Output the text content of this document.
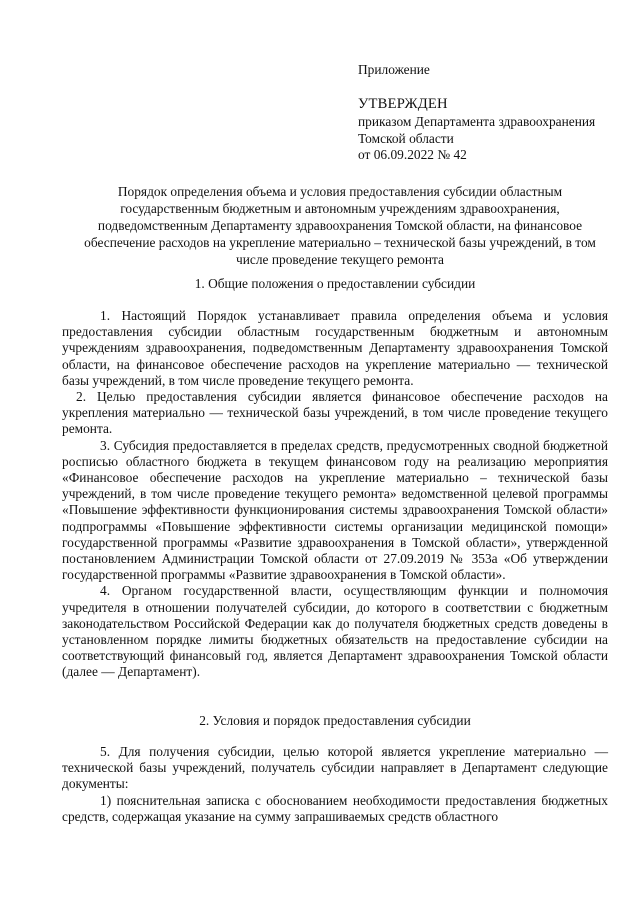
Приложение
УТВЕРЖДЕН
приказом Департамента здравоохранения
Томской области
от 06.09.2022 № 42
Порядок определения объема и условия предоставления субсидии областным государственным бюджетным и автономным учреждениям здравоохранения, подведомственным Департаменту здравоохранения Томской области, на финансовое обеспечение расходов на укрепление материально – технической базы учреждений, в том числе проведение текущего ремонта
1. Общие положения о предоставлении субсидии

1. Настоящий Порядок устанавливает правила определения объема и условия предоставления субсидии областным государственным бюджетным и автономным учреждениям здравоохранения, подведомственным Департаменту здравоохранения Томской области, на финансовое обеспечение расходов на укрепление материально — технической базы учреждений, в том числе проведение текущего ремонта.

2. Целью предоставления субсидии является финансовое обеспечение расходов на укрепления материально — технической базы учреждений, в том числе проведение текущего ремонта.

3. Субсидия предоставляется в пределах средств, предусмотренных сводной бюджетной росписью областного бюджета в текущем финансовом году на реализацию мероприятия «Финансовое обеспечение расходов на укрепление материально – технической базы учреждений, в том числе проведение текущего ремонта» ведомственной целевой программы «Повышение эффективности функционирования системы здравоохранения Томской области» подпрограммы «Повышение эффективности системы организации медицинской помощи» государственной программы «Развитие здравоохранения в Томской области», утвержденной постановлением Администрации Томской области от 27.09.2019 № 353а «Об утверждении государственной программы «Развитие здравоохранения в Томской области».

4. Органом государственной власти, осуществляющим функции и полномочия учредителя в отношении получателей субсидии, до которого в соответствии с бюджетным законодательством Российской Федерации как до получателя бюджетных средств доведены в установленном порядке лимиты бюджетных обязательств на предоставление субсидии на соответствующий финансовый год, является Департамент здравоохранения Томской области (далее — Департамент).

2. Условия и порядок предоставления субсидии

5. Для получения субсидии, целью которой является укрепление материально — технической базы учреждений, получатель субсидии направляет в Департамент следующие документы:

1) пояснительная записка с обоснованием необходимости предоставления бюджетных средств, содержащая указание на сумму запрашиваемых средств областного
